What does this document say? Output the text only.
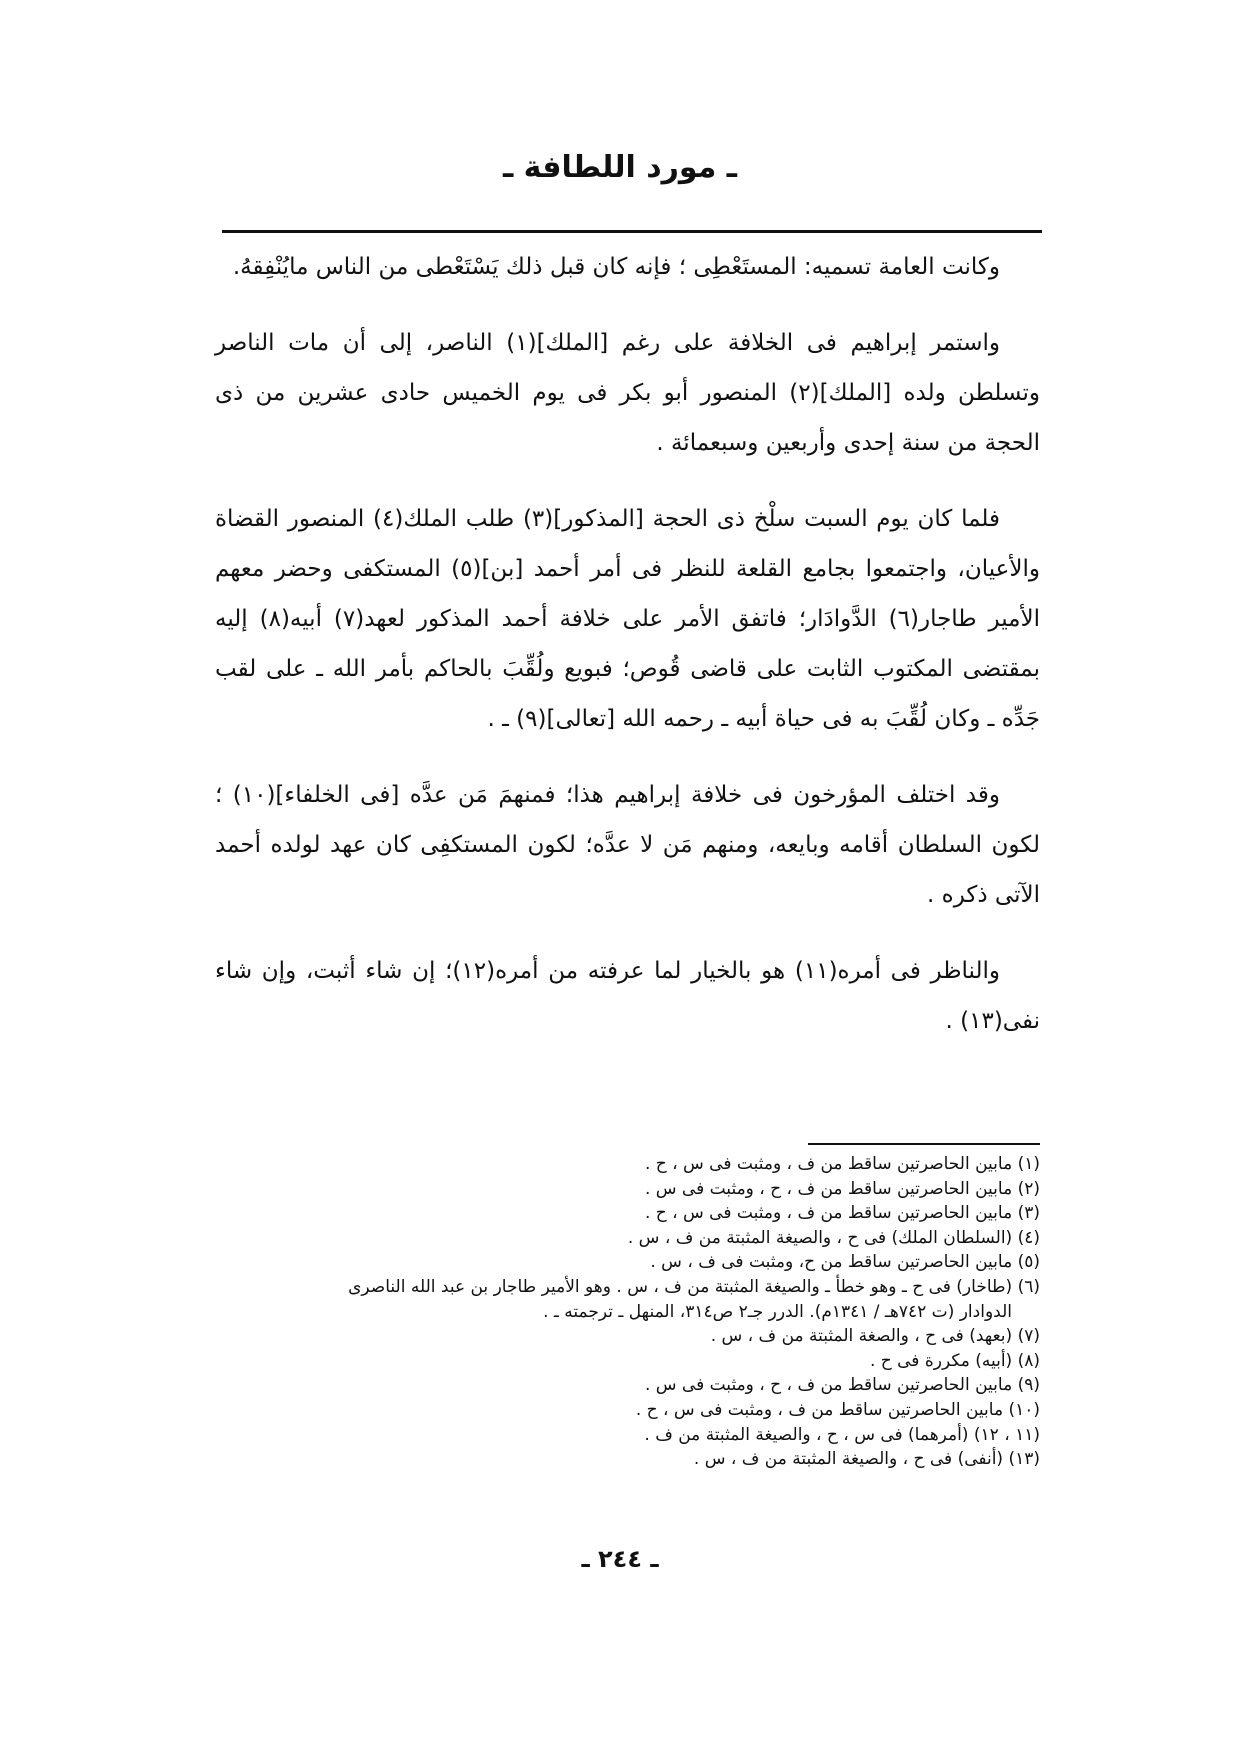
ـ مورد اللطافة ـ

وكانت العامة تسميه: المستَعْطِى ؛ فإنه كان قبل ذلك يَسْتَعْطى من الناس مايُنْفِقهُ.

واستمر إبراهيم فى الخلافة على رغم [الملك](١) الناصر، إلى أن مات الناصر وتسلطن ولده [الملك](٢) المنصور أبو بكر فى يوم الخميس حادى عشرين من ذى الحجة من سنة إحدى وأربعين وسبعمائة .

فلما كان يوم السبت سلْخ ذى الحجة [المذكور](٣) طلب الملك(٤) المنصور القضاة والأعيان، واجتمعوا بجامع القلعة للنظر فى أمر أحمد [بن](٥) المستكفى وحضر معهم الأمير طاجار(٦) الدَّوادَار؛ فاتفق الأمر على خلافة أحمد المذكور لعهد(٧) أبيه(٨) إليه بمقتضى المكتوب الثابت على قاضى قُوص؛ فبويع ولُقِّبَ بالحاكم بأمر الله ـ على لقب جَدِّه ـ وكان لُقِّبَ به فى حياة أبيه ـ رحمه الله [تعالى](٩) ـ .

وقد اختلف المؤرخون فى خلافة إبراهيم هذا؛ فمنهمَ مَن عدَّه [فى الخلفاء](١٠) ؛ لكون السلطان أقامه وبايعه، ومنهم مَن لا عدَّه؛ لكون المستكفِى كان عهد لولده أحمد الآتى ذكره .

والناظر فى أمره(١١) هو بالخيار لما عرفته من أمره(١٢)؛ إن شاء أثبت، وإن شاء نفى(١٣) .

(١) مابين الحاصرتين ساقط من ف ، ومثبت فى س ، ح .
(٢) مابين الحاصرتين ساقط من ف ، ح ، ومثبت فى س .
(٣) مابين الحاصرتين ساقط من ف ، ومثبت فى س ، ح .
(٤) (السلطان الملك) فى ح ، والصيغة المثبتة من ف ، س .
(٥) مابين الحاصرتين ساقط من ح، ومثبت فى ف ، س .
(٦) (طاخار) فى ح ـ وهو خطأ ـ والصيغة المثبتة من ف ، س . وهو الأمير طاجار بن عبد الله الناصرى
الدوادار (ت ٧٤٢هـ / ١٣٤١م). الدرر جـ٢ ص٣١٤، المنهل ـ ترجمته ـ .
(٧) (بعهد) فى ح ، والصغة المثبتة من ف ، س .
(٨) (أبيه) مكررة فى ح .
(٩) مابين الحاصرتين ساقط من ف ، ح ، ومثبت فى س .
(١٠) مابين الحاصرتين ساقط من ف ، ومثبت فى س ، ح .
(١١ ، ١٢) (أمرهما) فى س ، ح ، والصيغة المثبتة من ف .
(١٣) (أنفى) فى ح ، والصيغة المثبتة من ف ، س .
ـ ٢٤٤ ـ
